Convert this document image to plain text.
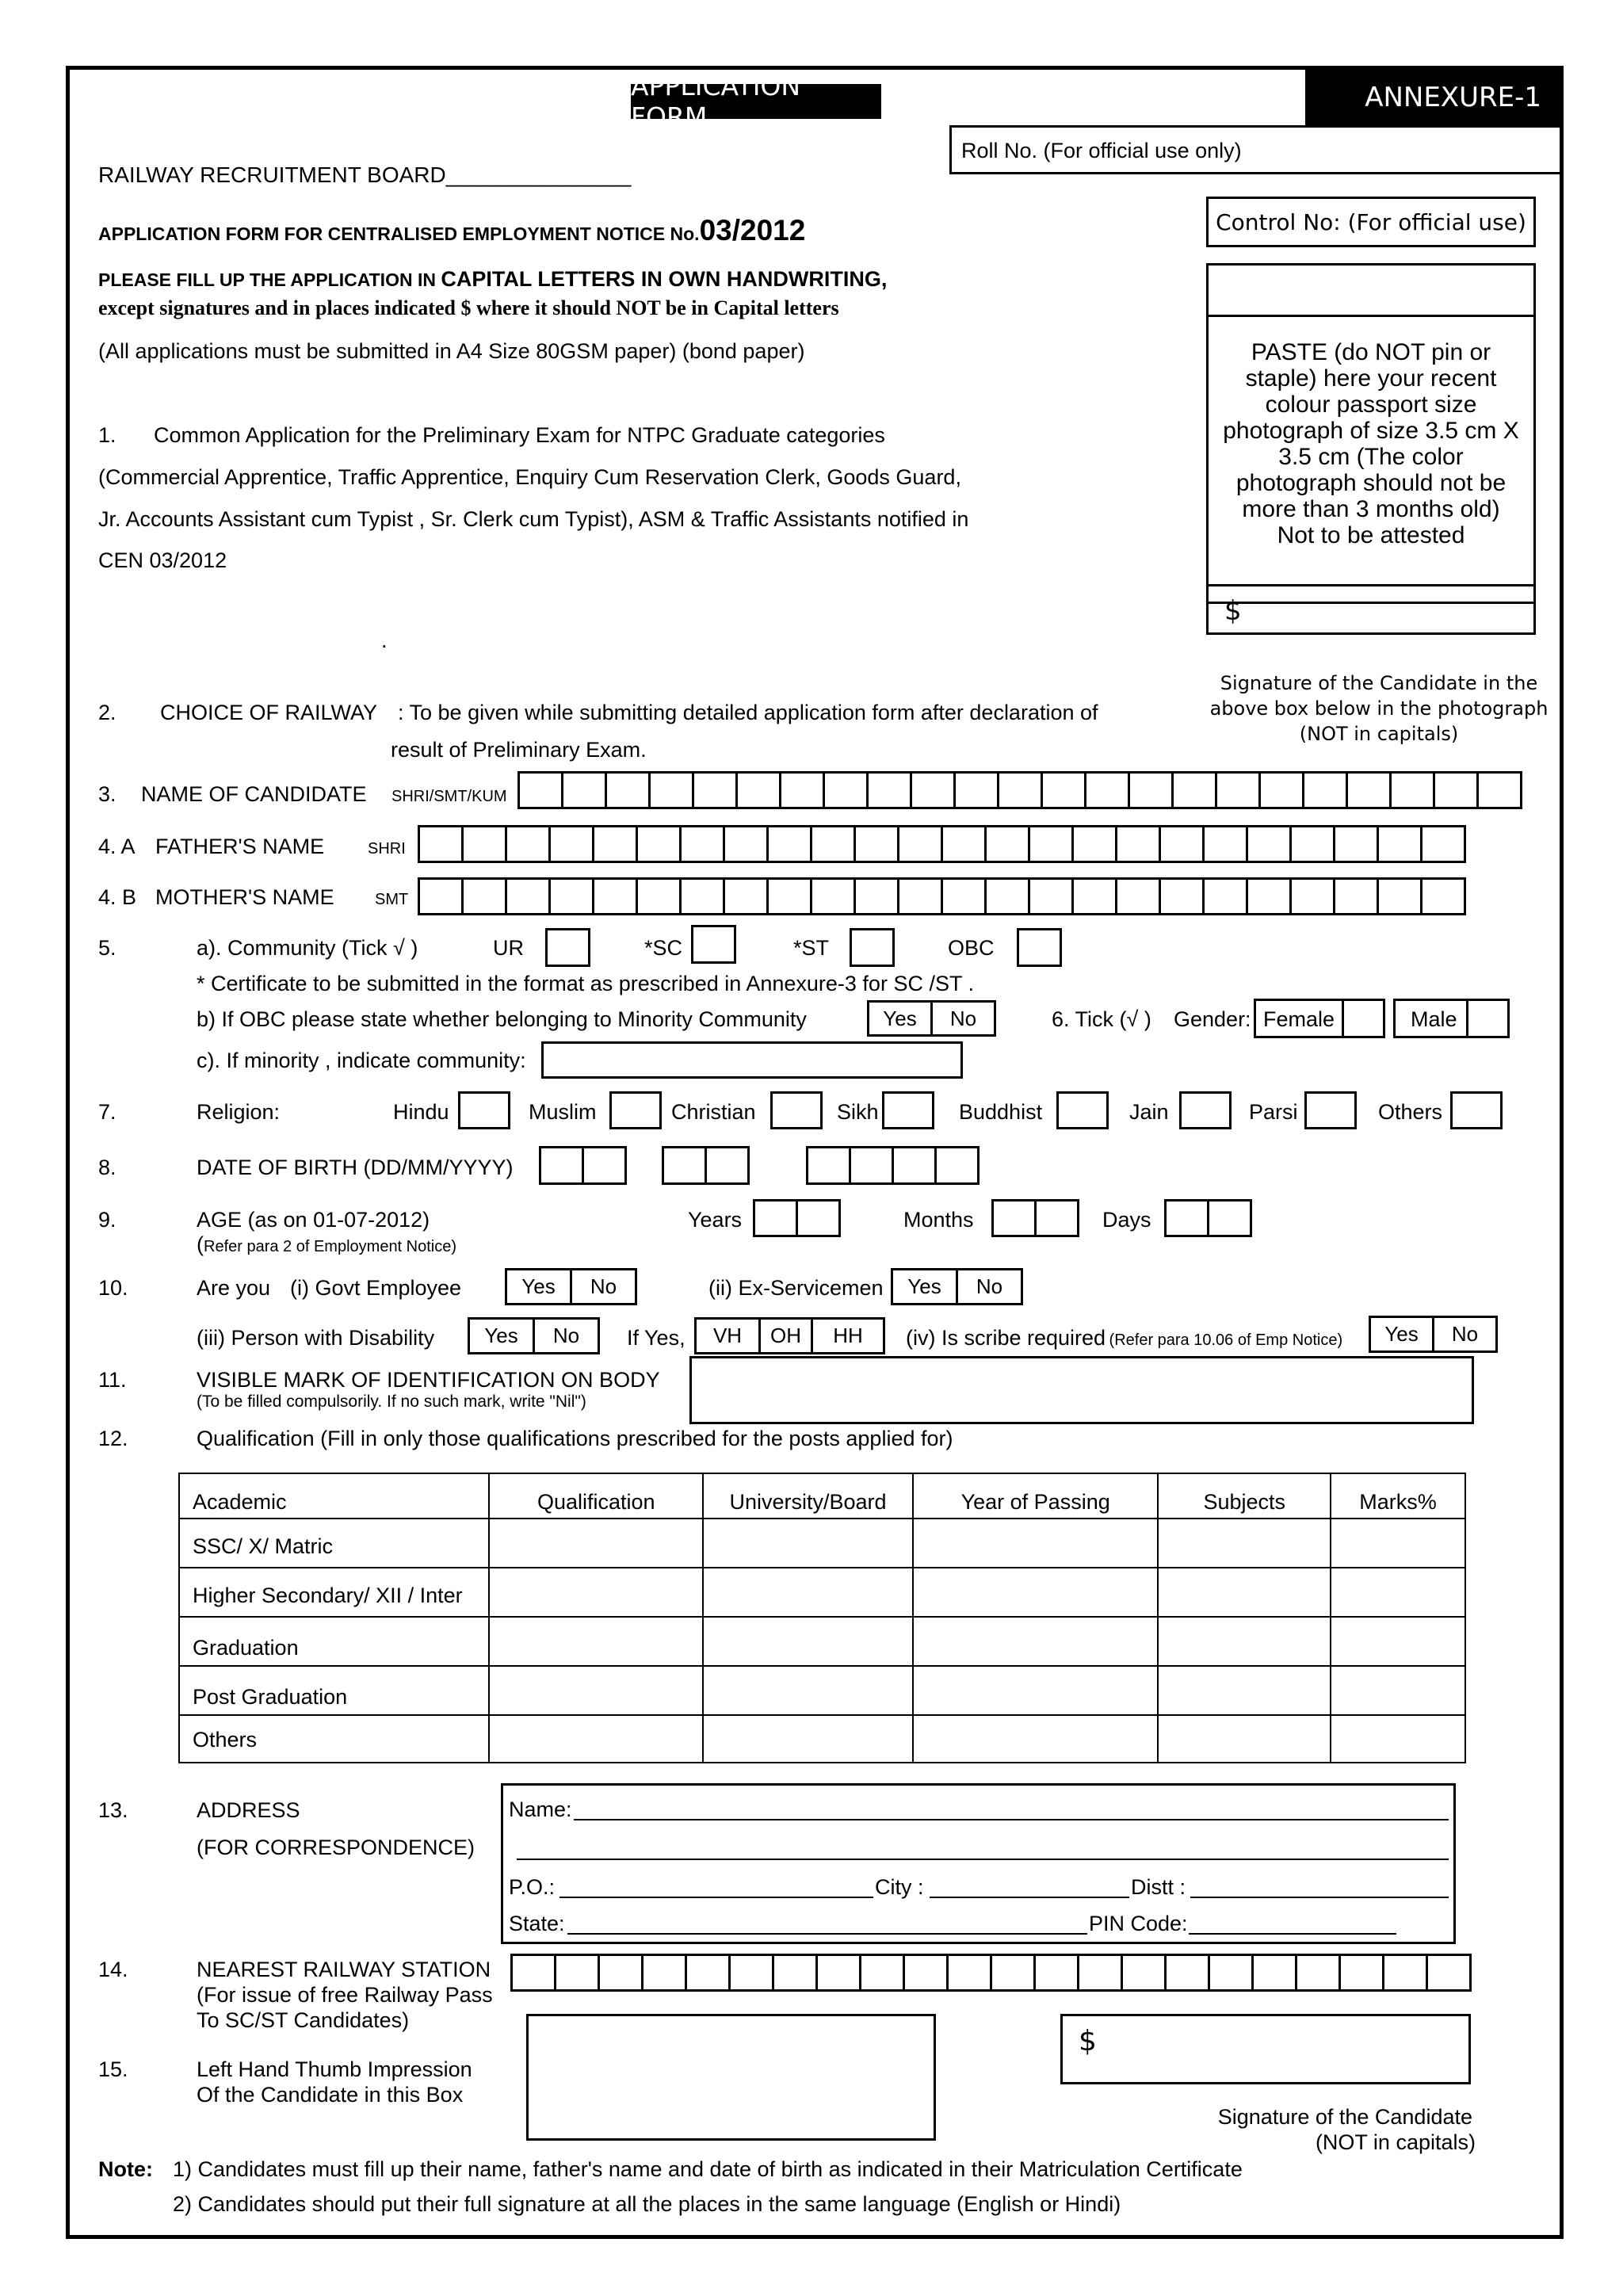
APPLICATION FORM
ANNEXURE-1
Roll No. (For official use only)
RAILWAY RECRUITMENT BOARD_______________
Control No: (For official use)
APPLICATION FORM FOR CENTRALISED EMPLOYMENT NOTICE No.03/2012
PLEASE FILL UP THE APPLICATION IN CAPITAL LETTERS IN OWN HANDWRITING,
except signatures and in places indicated $ where it should NOT be in Capital letters
(All applications must be submitted in A4 Size 80GSM paper) (bond paper)	PASTE (do NOT pin or staple) here your recent colour passport size photograph of size 3.5 cm X 3.5 cm (The color photograph should not be more than 3 months old) Not to be attested
$
Signature of the Candidate in the
above box below in the photograph
(NOT in capitals)
1. Common Application for the Preliminary Exam for NTPC Graduate categories
(Commercial Apprentice, Traffic Apprentice, Enquiry Cum Reservation Clerk, Goods Guard,
Jr. Accounts Assistant cum Typist , Sr. Clerk cum Typist), ASM & Traffic Assistants notified in
CEN 03/2012
.
2. CHOICE OF RAILWAY : To be given while submitting detailed application form after declaration of
result of Preliminary Exam.
3. NAME OF CANDIDATE SHRI/SMT/KUM
4. A FATHER'S NAME	SHRI
4. B MOTHER'S NAME	SMT
5.	a). Community (Tick √ )	UR	*SC	*ST	OBC
* Certificate to be submitted in the format as prescribed in Annexure-3 for SC /ST .
b) If OBC please state whether belonging to Minority Community	Yes	No	6. Tick (√ ) Gender: Female	Male
c). If minority , indicate community:
7.	Religion:	Hindu	Muslim	Christian	Sikh	Buddhist	Jain	Parsi	Others
8.	DATE OF BIRTH (DD/MM/YYYY)
9.	AGE (as on 01-07-2012)
(Refer para 2 of Employment Notice)
Years	Months	Days
10.	Are you (i) Govt Employee	Yes	No	(ii) Ex-Servicemen	Yes	No
(iii) Person with Disability	Yes	No	If Yes,	VH	OH	HH	(iv) Is scribe required (Refer para 10.06 of Emp Notice)	Yes	No
11.	VISIBLE MARK OF IDENTIFICATION ON BODY
(To be filled compulsorily. If no such mark, write "Nil")
12.	Qualification (Fill in only those qualifications prescribed for the posts applied for)
Academic	Qualification	University/Board	Year of Passing	Subjects	Marks%
SSC/ X/ Matric					
Higher Secondary/ XII / Inter					
Graduation					
Post Graduation					
Others					
13.	ADDRESS
(FOR CORRESPONDENCE)
Name:
P.O.:	City :	Distt :
State:	PIN Code:
14.	NEAREST RAILWAY STATION
(For issue of free Railway Pass
To SC/ST Candidates)
15.	Left Hand Thumb Impression
Of the Candidate in this Box
$
Signature of the Candidate
(NOT in capitals)
Note: 1) Candidates must fill up their name, father's name and date of birth as indicated in their Matriculation Certificate
2) Candidates should put their full signature at all the places in the same language (English or Hindi)
